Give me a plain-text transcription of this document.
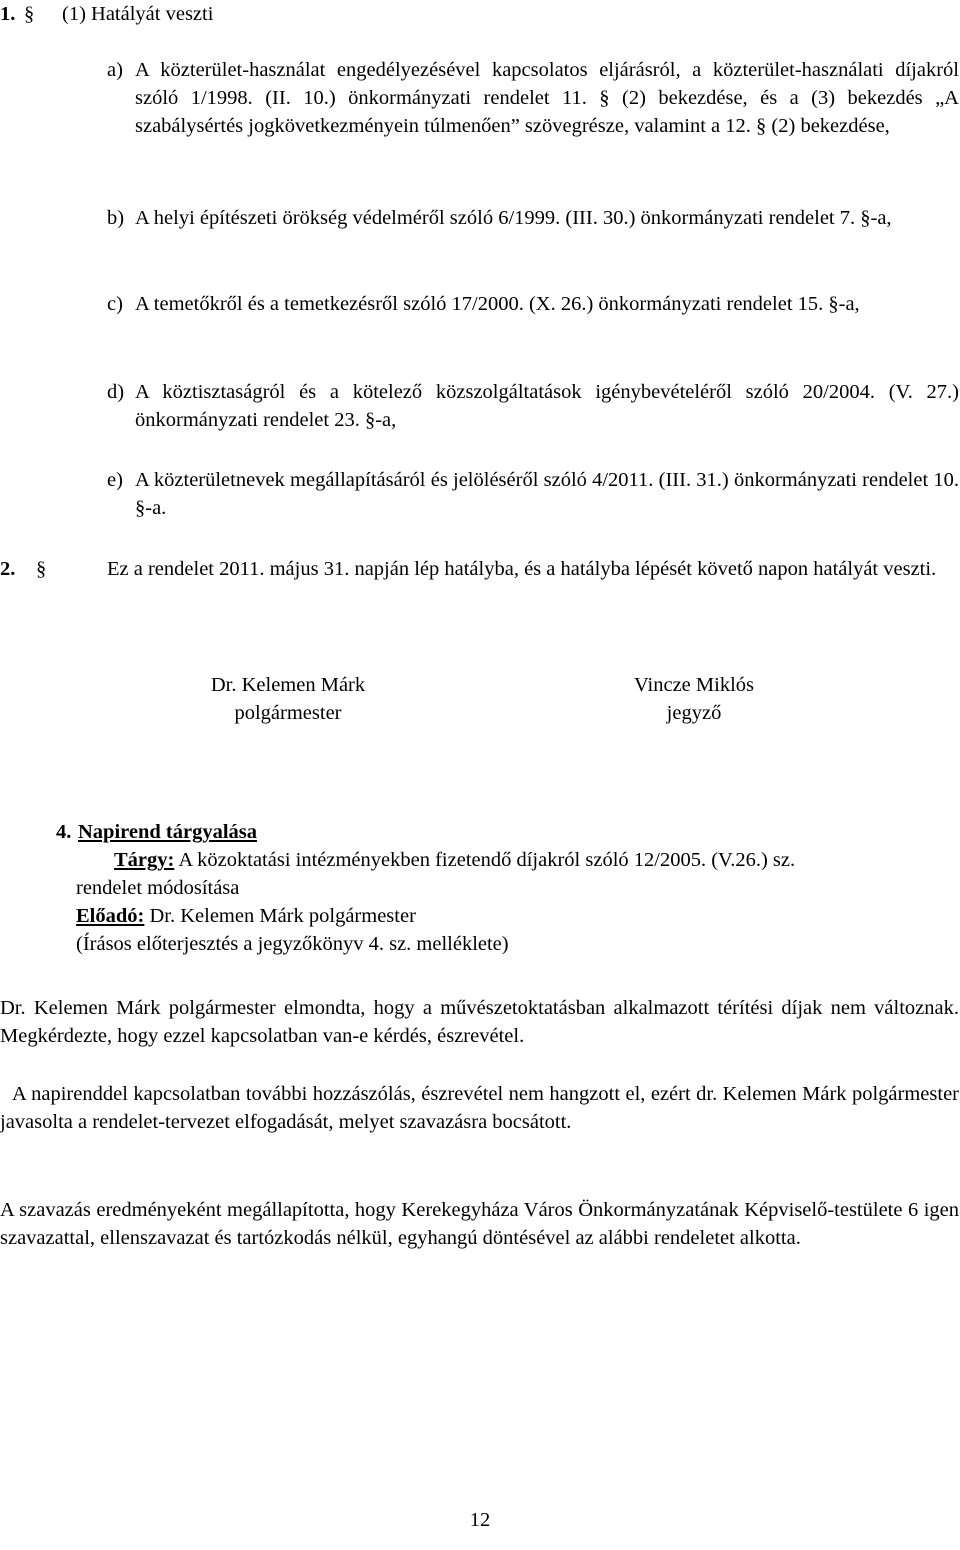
1. § (1) Hatályát veszti
a) A közterület-használat engedélyezésével kapcsolatos eljárásról, a közterület-használati díjakról szóló 1/1998. (II. 10.) önkormányzati rendelet 11. § (2) bekezdése, és a (3) bekezdés „A szabálysértés jogkövetkezményein túlmenően” szövegrésze, valamint a 12. § (2) bekezdése,
b) A helyi építészeti örökség védelméről szóló 6/1999. (III. 30.) önkormányzati rendelet 7. §-a,
c) A temetőkről és a temetkezésről szóló 17/2000. (X. 26.) önkormányzati rendelet 15. §-a,
d) A köztisztaságról és a kötelező közszolgáltatások igénybevételéről szóló 20/2004. (V. 27.) önkormányzati rendelet 23. §-a,
e) A közterületnevek megállapításáról és jelöléséről szóló 4/2011. (III. 31.) önkormányzati rendelet 10. §-a.
2. §	Ez a rendelet 2011. május 31. napján lép hatályba, és a hatályba lépését követő napon hatályát veszti.
Dr. Kelemen Márk
polgármester
Vincze Miklós
jegyző
4. Napirend tárgyalása
Tárgy: A közoktatási intézményekben fizetendő díjakról szóló 12/2005. (V.26.) sz.
rendelet módosítása
Előadó: Dr. Kelemen Márk polgármester
(Írásos előterjesztés a jegyzőkönyv 4. sz. melléklete)
Dr. Kelemen Márk polgármester elmondta, hogy a művészetoktatásban alkalmazott térítési díjak nem változnak. Megkérdezte, hogy ezzel kapcsolatban van-e kérdés, észrevétel.
A napirenddel kapcsolatban további hozzászólás, észrevétel nem hangzott el, ezért dr. Kelemen Márk polgármester javasolta a rendelet-tervezet elfogadását, melyet szavazásra bocsátott.
A szavazás eredményeként megállapította, hogy Kerekegyháza Város Önkormányzatának Képviselő-testülete 6 igen szavazattal, ellenszavazat és tartózkodás nélkül, egyhangú döntésével az alábbi rendeletet alkotta.
12
